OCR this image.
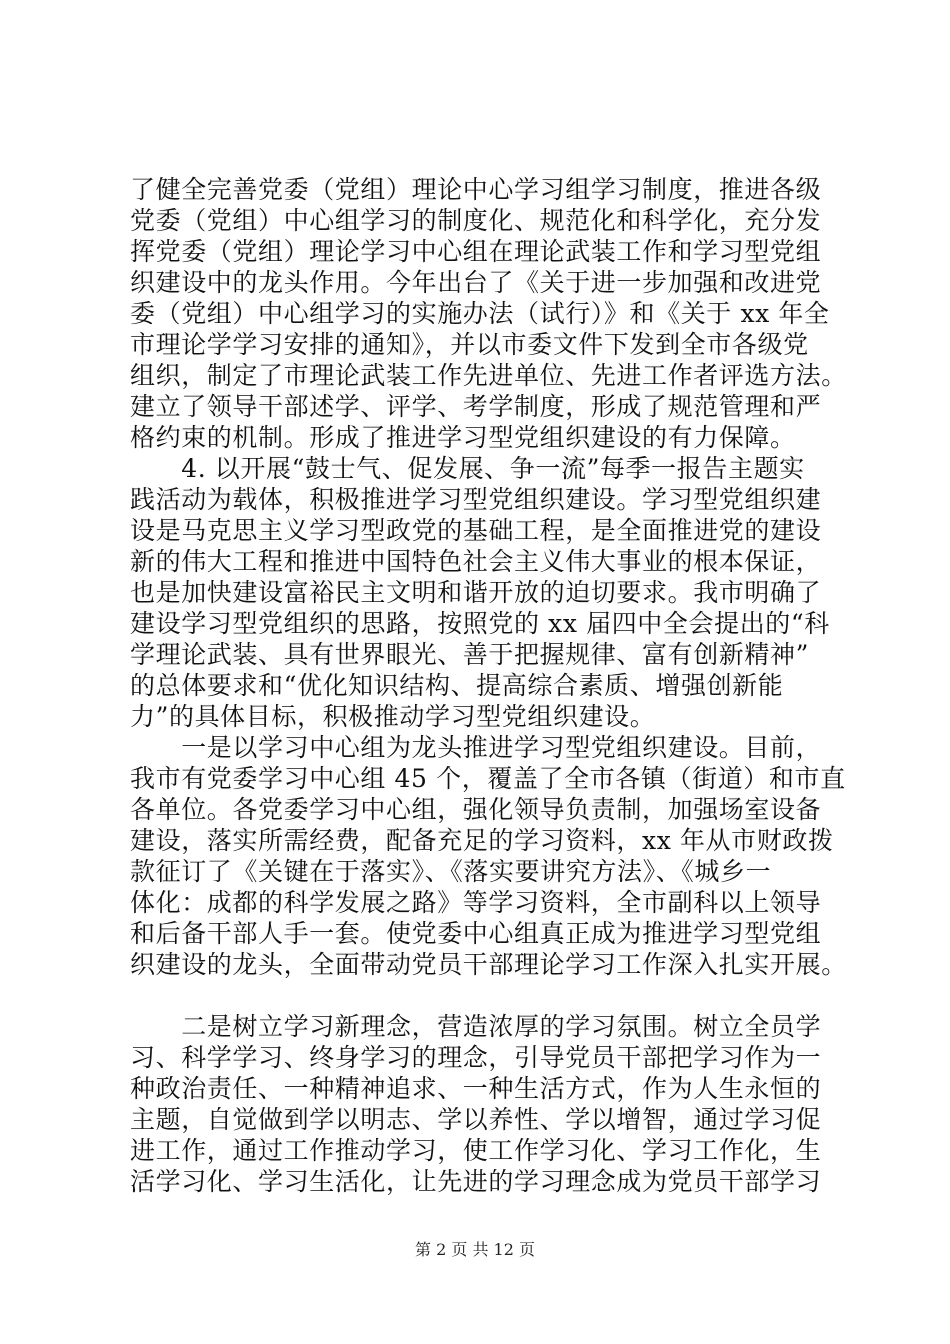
了健全完善党委（党组）理论中心学习组学习制度，推进各级
党委（党组）中心组学习的制度化、规范化和科学化，充分发
挥党委（党组）理论学习中心组在理论武装工作和学习型党组
织建设中的龙头作用。今年出台了《关于进一步加强和改进党
委（党组）中心组学习的实施办法（试行）》和《关于 xx 年全
市理论学学习安排的通知》，并以市委文件下发到全市各级党
组织，制定了市理论武装工作先进单位、先进工作者评选方法。
建立了领导干部述学、评学、考学制度，形成了规范管理和严
格约束的机制。形成了推进学习型党组织建设的有力保障。
　　4. 以开展“鼓士气、促发展、争一流”每季一报告主题实
践活动为载体，积极推进学习型党组织建设。学习型党组织建
设是马克思主义学习型政党的基础工程，是全面推进党的建设
新的伟大工程和推进中国特色社会主义伟大事业的根本保证，
也是加快建设富裕民主文明和谐开放的迫切要求。我市明确了
建设学习型党组织的思路，按照党的 xx 届四中全会提出的“科
学理论武装、具有世界眼光、善于把握规律、富有创新精神”
的总体要求和“优化知识结构、提高综合素质、增强创新能
力”的具体目标，积极推动学习型党组织建设。
　　一是以学习中心组为龙头推进学习型党组织建设。目前，
我市有党委学习中心组 45 个，覆盖了全市各镇（街道）和市直
各单位。各党委学习中心组，强化领导负责制，加强场室设备
建设，落实所需经费，配备充足的学习资料，xx 年从市财政拨
款征订了《关键在于落实》、《落实要讲究方法》、《城乡一
体化：成都的科学发展之路》等学习资料，全市副科以上领导
和后备干部人手一套。使党委中心组真正成为推进学习型党组
织建设的龙头，全面带动党员干部理论学习工作深入扎实开展。
　　二是树立学习新理念，营造浓厚的学习氛围。树立全员学
习、科学学习、终身学习的理念，引导党员干部把学习作为一
种政治责任、一种精神追求、一种生活方式，作为人生永恒的
主题，自觉做到学以明志、学以养性、学以增智，通过学习促
进工作，通过工作推动学习，使工作学习化、学习工作化，生
活学习化、学习生活化，让先进的学习理念成为党员干部学习
第 2 页 共 12 页
